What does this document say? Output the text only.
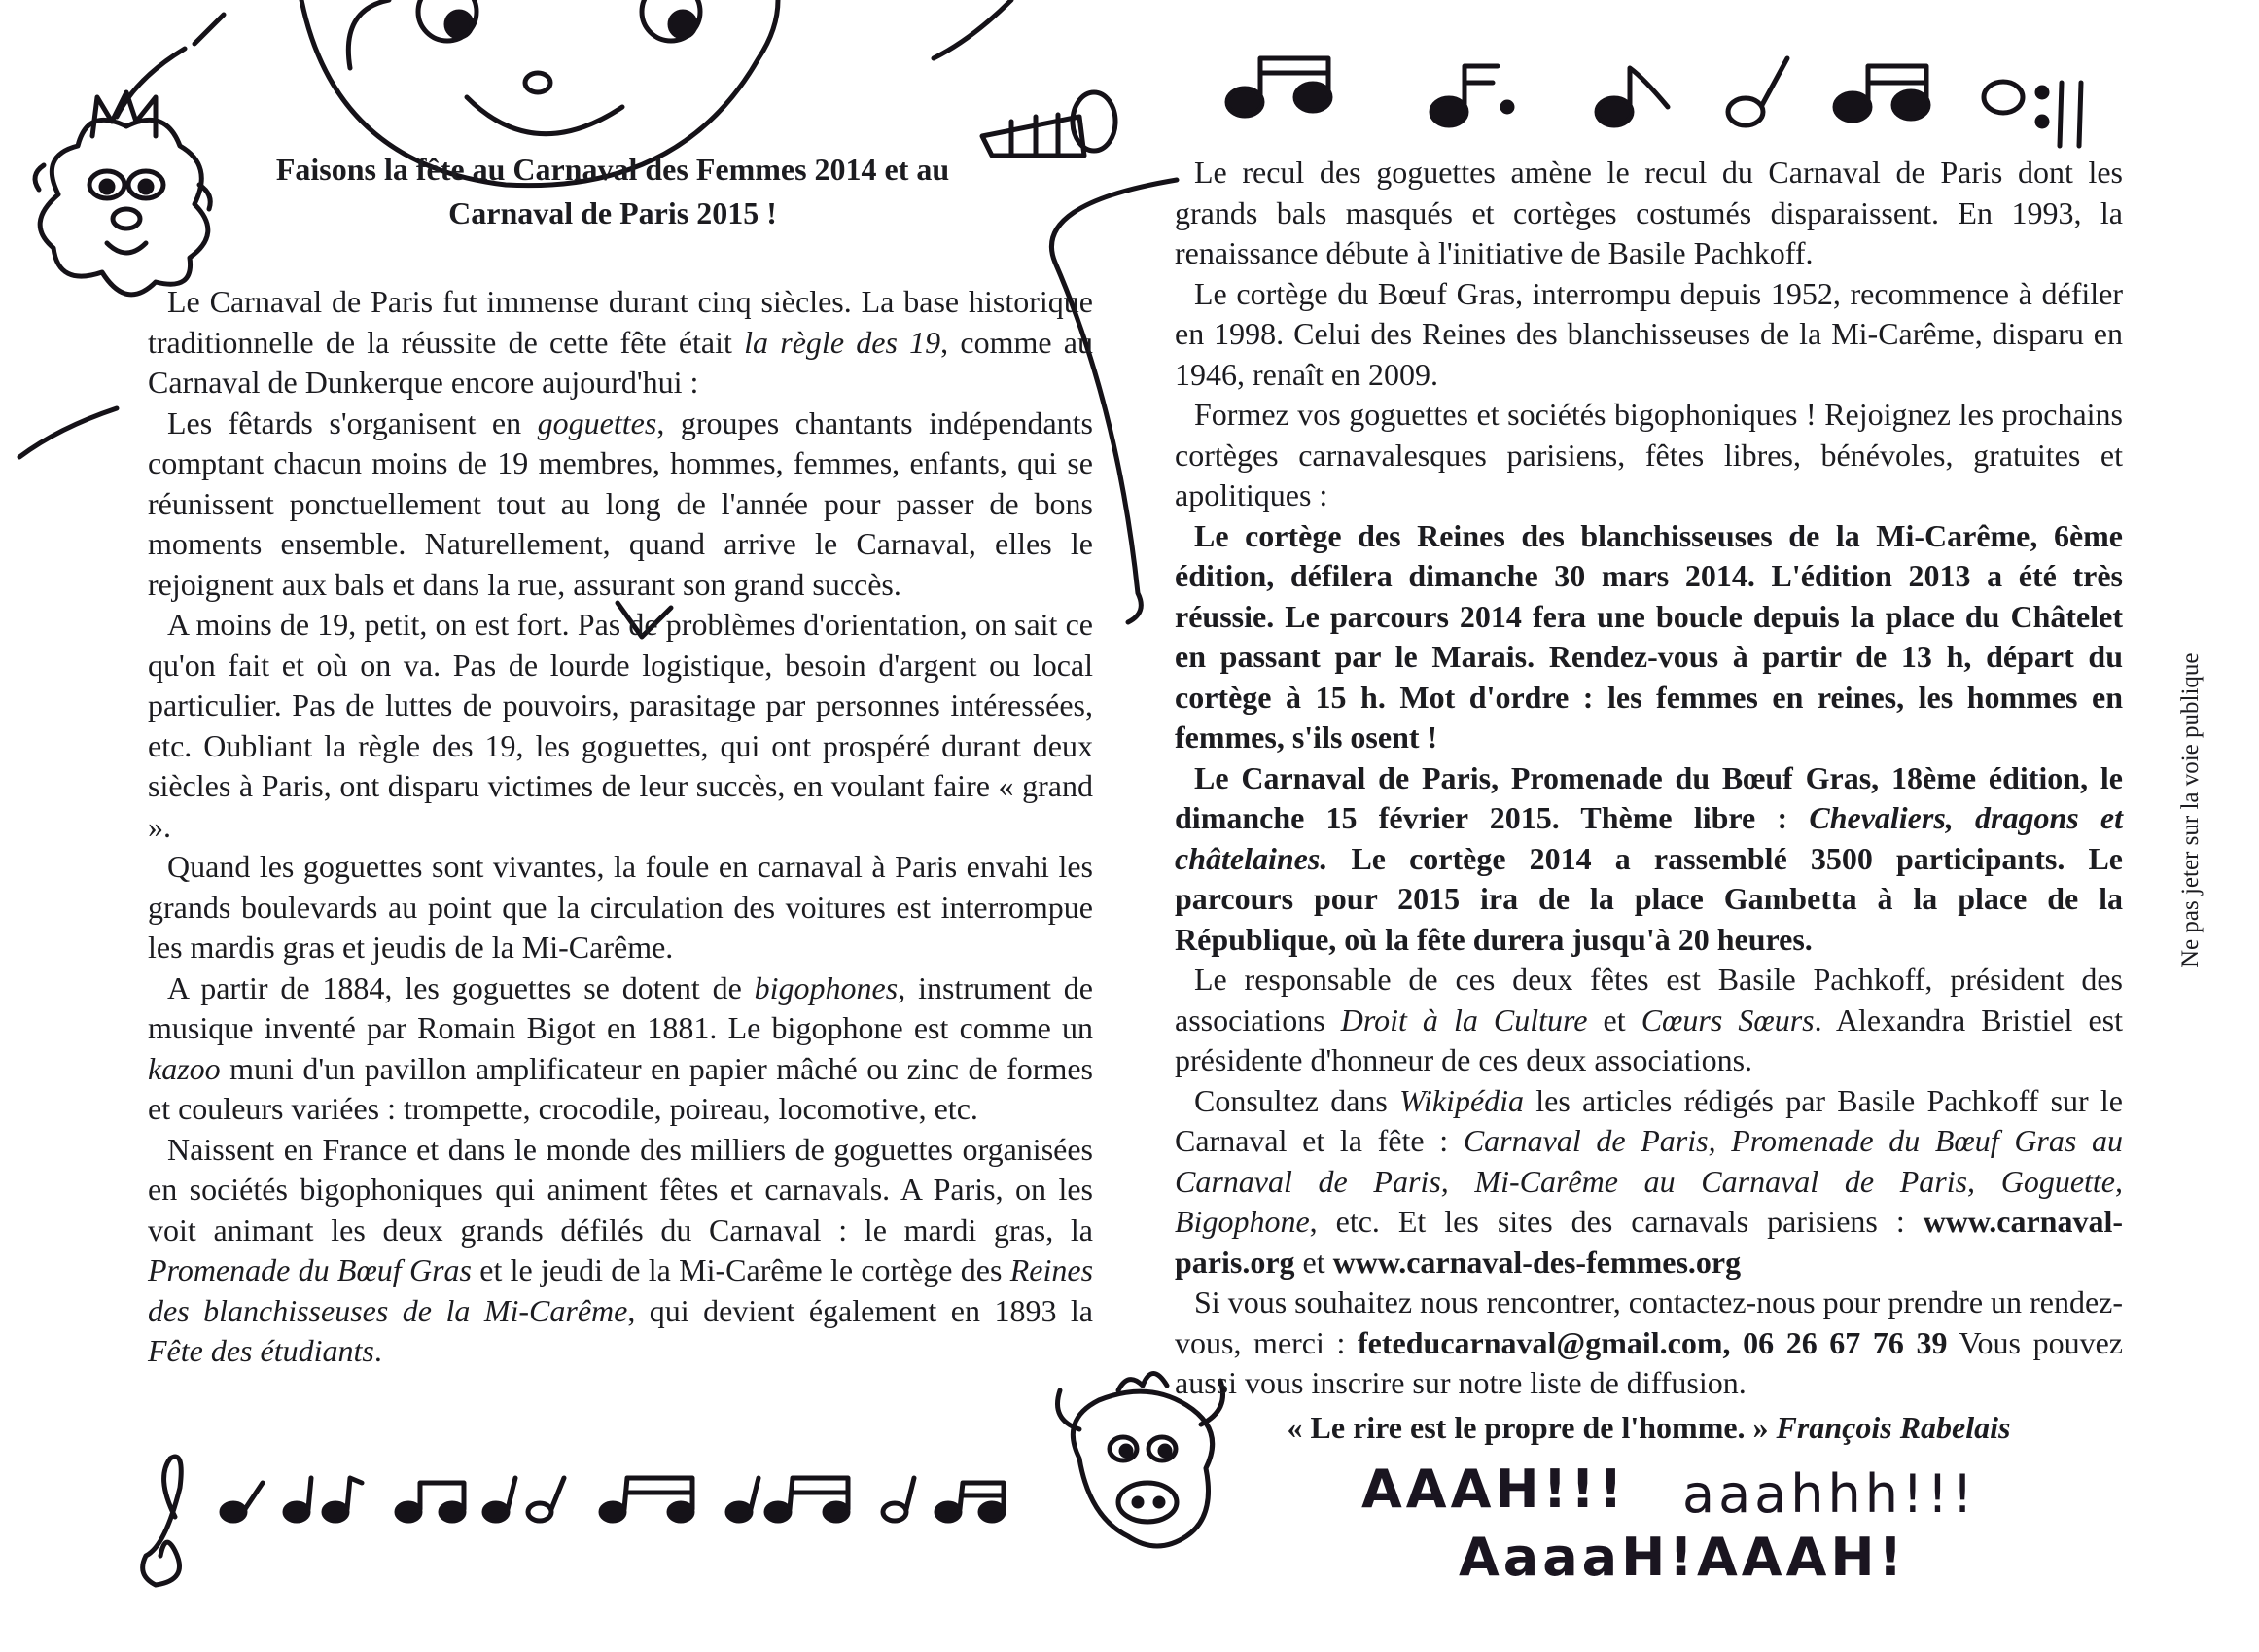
Faisons la fête au Carnaval des Femmes 2014 et au
Carnaval de Paris 2015 !

Le Carnaval de Paris fut immense durant cinq siècles. La base historique traditionnelle de la réussite de cette fête était la règle des 19, comme au Carnaval de Dunkerque encore aujourd'hui :

Les fêtards s'organisent en goguettes, groupes chantants indépendants comptant chacun moins de 19 membres, hommes, femmes, enfants, qui se réunissent ponctuellement tout au long de l'année pour passer de bons moments ensemble. Naturellement, quand arrive le Carnaval, elles le rejoignent aux bals et dans la rue, assurant son grand succès.

A moins de 19, petit, on est fort. Pas de problèmes d'orientation, on sait ce qu'on fait et où on va. Pas de lourde logistique, besoin d'argent ou local particulier. Pas de luttes de pouvoirs, parasitage par personnes intéressées, etc. Oubliant la règle des 19, les goguettes, qui ont prospéré durant deux siècles à Paris, ont disparu victimes de leur succès, en voulant faire « grand ».

Quand les goguettes sont vivantes, la foule en carnaval à Paris envahi les grands boulevards au point que la circulation des voitures est interrompue les mardis gras et jeudis de la Mi-Carême.

A partir de 1884, les goguettes se dotent de bigophones, instrument de musique inventé par Romain Bigot en 1881. Le bigophone est comme un kazoo muni d'un pavillon amplificateur en papier mâché ou zinc de formes et couleurs variées : trompette, crocodile, poireau, locomotive, etc.

Naissent en France et dans le monde des milliers de goguettes organisées en sociétés bigophoniques qui animent fêtes et carnavals. A Paris, on les voit animant les deux grands défilés du Carnaval : le mardi gras, la Promenade du Bœuf Gras et le jeudi de la Mi-Carême le cortège des Reines des blanchisseuses de la Mi-Carême, qui devient également en 1893 la Fête des étudiants.

Le recul des goguettes amène le recul du Carnaval de Paris dont les grands bals masqués et cortèges costumés disparaissent. En 1993, la renaissance débute à l'initiative de Basile Pachkoff.

Le cortège du Bœuf Gras, interrompu depuis 1952, recommence à défiler en 1998. Celui des Reines des blanchisseuses de la Mi-Carême, disparu en 1946, renaît en 2009.

Formez vos goguettes et sociétés bigophoniques ! Rejoignez les prochains cortèges carnavalesques parisiens, fêtes libres, bénévoles, gratuites et apolitiques :

Le cortège des Reines des blanchisseuses de la Mi-Carême, 6ème édition, défilera dimanche 30 mars 2014. L'édition 2013 a été très réussie. Le parcours 2014 fera une boucle depuis la place du Châtelet en passant par le Marais. Rendez-vous à partir de 13 h, départ du cortège à 15 h. Mot d'ordre : les femmes en reines, les hommes en femmes, s'ils osent !

Le Carnaval de Paris, Promenade du Bœuf Gras, 18ème édition, le dimanche 15 février 2015. Thème libre : Chevaliers, dragons et châtelaines. Le cortège 2014 a rassemblé 3500 participants. Le parcours pour 2015 ira de la place Gambetta à la place de la République, où la fête durera jusqu'à 20 heures.

Le responsable de ces deux fêtes est Basile Pachkoff, président des associations Droit à la Culture et Cœurs Sœurs. Alexandra Bristiel est présidente d'honneur de ces deux associations.

Consultez dans Wikipédia les articles rédigés par Basile Pachkoff sur le Carnaval et la fête : Carnaval de Paris, Promenade du Bœuf Gras au Carnaval de Paris, Mi-Carême au Carnaval de Paris, Goguette, Bigophone, etc. Et les sites des carnavals parisiens : www.carnaval-paris.org et www.carnaval-des-femmes.org

Si vous souhaitez nous rencontrer, contactez-nous pour prendre un rendez-vous, merci : feteducarnaval@gmail.com, 06 26 67 76 39 Vous pouvez aussi vous inscrire sur notre liste de diffusion.

« Le rire est le propre de l'homme. » François Rabelais

Ne pas jeter sur la voie publique
AAAH!!! aaahhh!!!
AaaaH! AAAH!
